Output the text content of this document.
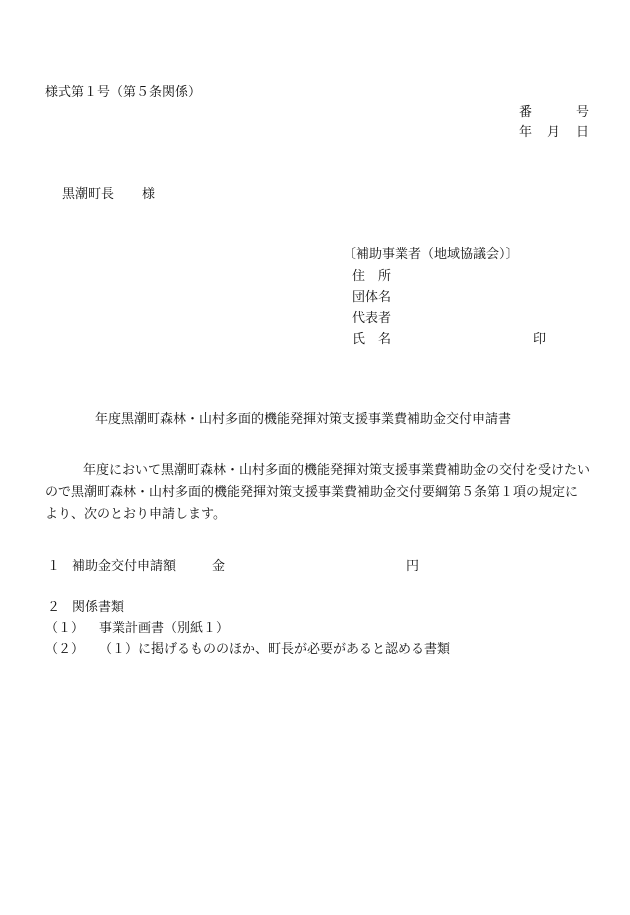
様式第１号（第５条関係）
番	号
年 月 日
黒潮町長 様
〔補助事業者（地域協議会）〕
住　所
団体名
代表者
氏　名	印
年度黒潮町森林・山村多面的機能発揮対策支援事業費補助金交付申請書
年度において黒潮町森林・山村多面的機能発揮対策支援事業費補助金の交付を受けたいので黒潮町森林・山村多面的機能発揮対策支援事業費補助金交付要綱第５条第１項の規定により、次のとおり申請します。
１ 補助金交付申請額	金	円
２ 関係書類
（１） 事業計画書（別紙１）
（２） （１）に掲げるもののほか、町長が必要があると認める書類
